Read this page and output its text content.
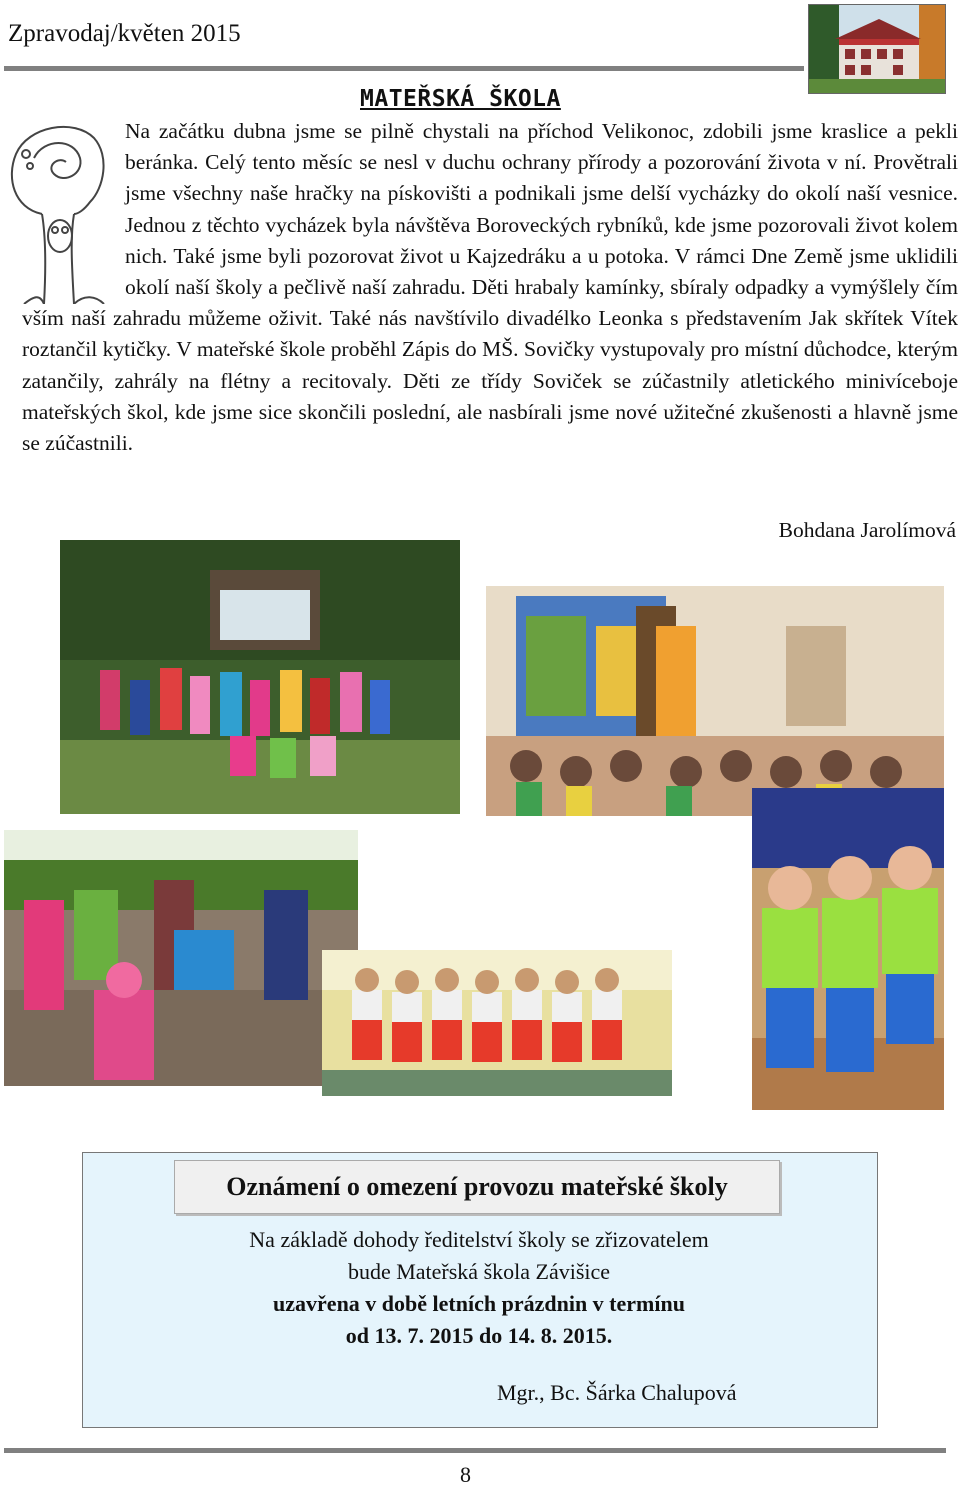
Zpravodaj/květen 2015
MATEŘSKÁ ŠKOLA
Na začátku dubna jsme se pilně chystali na příchod Velikonoc, zdobili jsme kraslice a pekli beránka. Celý tento měsíc se nesl v duchu ochrany přírody a pozorování života v ní. Provětrali jsme všechny naše hračky na pískovišti a podnikali jsme delší vycházky do okolí naší vesnice. Jednou z těchto vycházek byla návštěva Boroveckých rybníků, kde jsme pozorovali život kolem nich. Také jsme byli pozorovat život u Kajzedráku a u potoka. V rámci Dne Země jsme uklidili okolí naší školy a pečlivě naší zahradu. Děti hrabaly kamínky, sbíraly odpadky a vymýšlely čím vším naší zahradu můžeme oživit. Také nás navštívilo divadélko Leonka s představením Jak skřítek Vítek roztančil kytičky. V mateřské škole proběhl Zápis do MŠ. Sovičky vystupovaly pro místní důchodce, kterým zatančily, zahrály na flétny a recitovaly. Děti ze třídy Soviček se zúčastnily atletického minivíceboje mateřských škol, kde jsme sice skončili poslední, ale nasbírali jsme nové užitečné zkušenosti a hlavně jsme se zúčastnili.
Bohdana Jarolímová
Oznámení o omezení provozu mateřské školy
Na základě dohody ředitelství školy se zřizovatelem
bude Mateřská škola Závišice
uzavřena v době letních prázdnin v termínu
od 13. 7. 2015 do 14. 8. 2015.
Mgr., Bc. Šárka Chalupová
8
